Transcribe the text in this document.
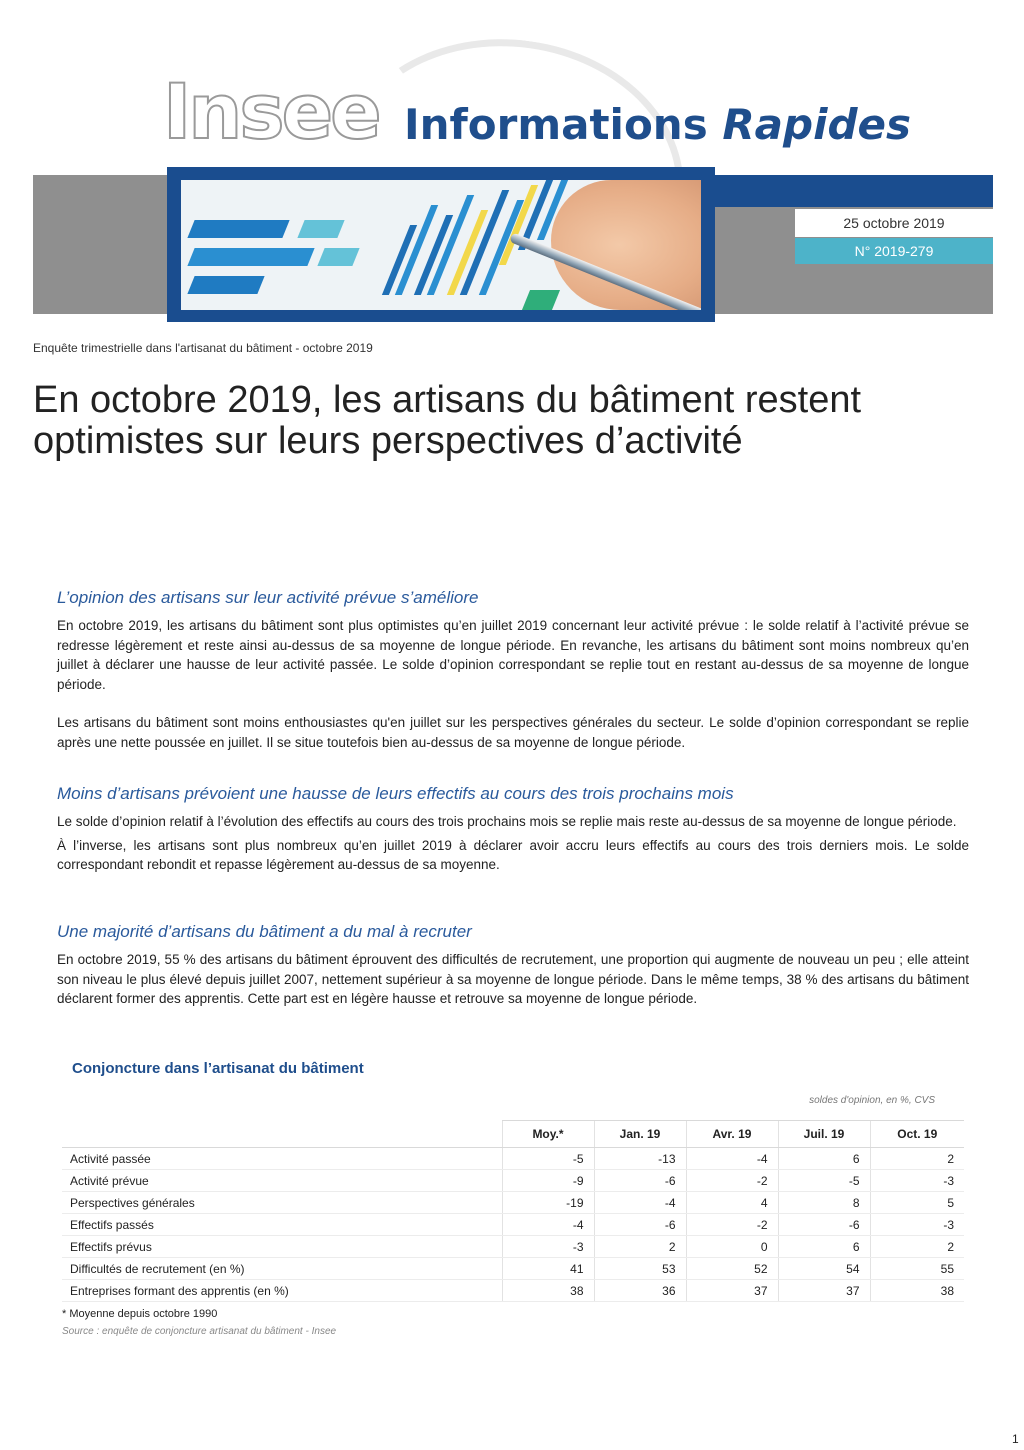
Insee Informations Rapides
25 octobre 2019
N° 2019-279
Enquête trimestrielle dans l'artisanat du bâtiment - octobre 2019
En octobre 2019, les artisans du bâtiment restent optimistes sur leurs perspectives d’activité
L’opinion des artisans sur leur activité prévue s’améliore

En octobre 2019, les artisans du bâtiment sont plus optimistes qu’en juillet 2019 concernant leur activité prévue : le solde relatif à l’activité prévue se redresse légèrement et reste ainsi au-dessus de sa moyenne de longue période. En revanche, les artisans du bâtiment sont moins nombreux qu’en juillet à déclarer une hausse de leur activité passée. Le solde d’opinion correspondant se replie tout en restant au-dessus de sa moyenne de longue période.

Les artisans du bâtiment sont moins enthousiastes qu'en juillet sur les perspectives générales du secteur. Le solde d’opinion correspondant se replie après une nette poussée en juillet. Il se situe toutefois bien au-dessus de sa moyenne de longue période.

Moins d’artisans prévoient une hausse de leurs effectifs au cours des trois prochains mois

Le solde d’opinion relatif à l’évolution des effectifs au cours des trois prochains mois se replie mais reste au-dessus de sa moyenne de longue période.

À l’inverse, les artisans sont plus nombreux qu’en juillet 2019 à déclarer avoir accru leurs effectifs au cours des trois derniers mois. Le solde correspondant rebondit et repasse légèrement au-dessus de sa moyenne.

Une majorité d’artisans du bâtiment a du mal à recruter

En octobre 2019, 55 % des artisans du bâtiment éprouvent des difficultés de recrutement, une proportion qui augmente de nouveau un peu ; elle atteint son niveau le plus élevé depuis juillet 2007, nettement supérieur à sa moyenne de longue période. Dans le même temps, 38 % des artisans du bâtiment déclarent former des apprentis. Cette part est en légère hausse et retrouve sa moyenne de longue période.

Conjoncture dans l’artisanat du bâtiment
soldes d'opinion, en %, CVS
	Moy.*	Jan. 19	Avr. 19	Juil. 19	Oct. 19
Activité passée	-5	-13	-4	6	2
Activité prévue	-9	-6	-2	-5	-3
Perspectives générales	-19	-4	4	8	5
Effectifs passés	-4	-6	-2	-6	-3
Effectifs prévus	-3	2	0	6	2
Difficultés de recrutement (en %)	41	53	52	54	55
Entreprises formant des apprentis (en %)	38	36	37	37	38
* Moyenne depuis octobre 1990
Source : enquête de conjoncture artisanat du bâtiment - Insee
1
